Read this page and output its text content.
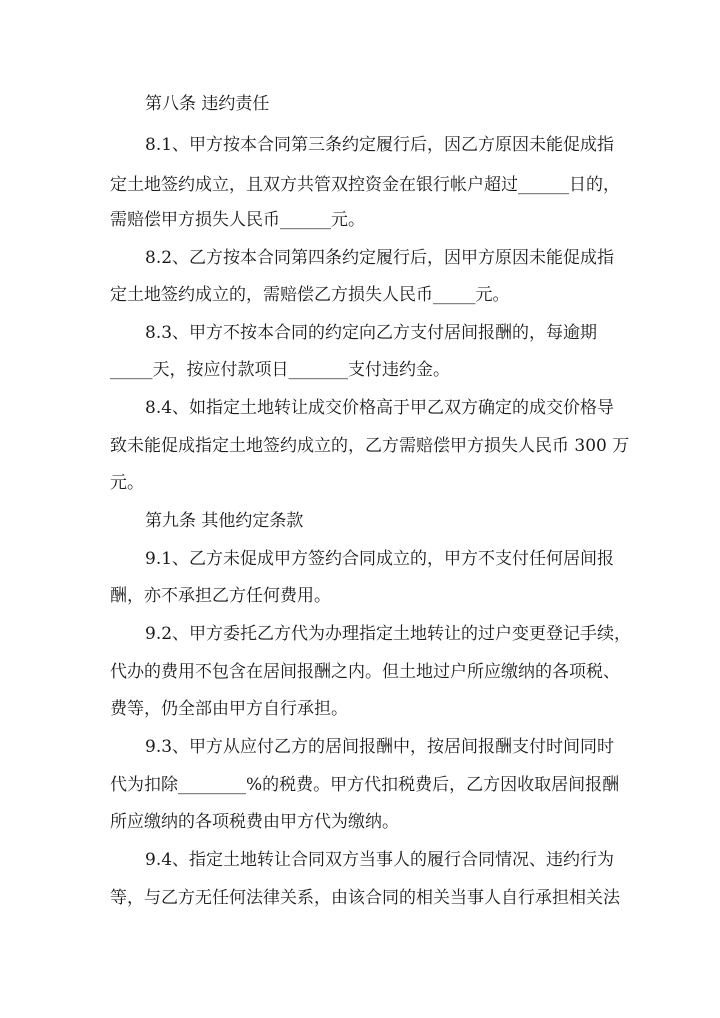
第八条 违约责任
8.1、甲方按本合同第三条约定履行后，因乙方原因未能促成指
定土地签约成立，且双方共管双控资金在银行帐户超过______日的，
需赔偿甲方损失人民币______元。
8.2、乙方按本合同第四条约定履行后，因甲方原因未能促成指
定土地签约成立的，需赔偿乙方损失人民币_____元。
8.3、甲方不按本合同的约定向乙方支付居间报酬的，每逾期
_____天，按应付款项日_______支付违约金。
8.4、如指定土地转让成交价格高于甲乙双方确定的成交价格导
致未能促成指定土地签约成立的，乙方需赔偿甲方损失人民币 300 万
元。
第九条 其他约定条款
9.1、乙方未促成甲方签约合同成立的，甲方不支付任何居间报
酬，亦不承担乙方任何费用。
9.2、甲方委托乙方代为办理指定土地转让的过户变更登记手续，
代办的费用不包含在居间报酬之内。但土地过户所应缴纳的各项税、
费等，仍全部由甲方自行承担。
9.3、甲方从应付乙方的居间报酬中，按居间报酬支付时间同时
代为扣除________%的税费。甲方代扣税费后，乙方因收取居间报酬
所应缴纳的各项税费由甲方代为缴纳。
9.4、指定土地转让合同双方当事人的履行合同情况、违约行为
等，与乙方无任何法律关系，由该合同的相关当事人自行承担相关法
